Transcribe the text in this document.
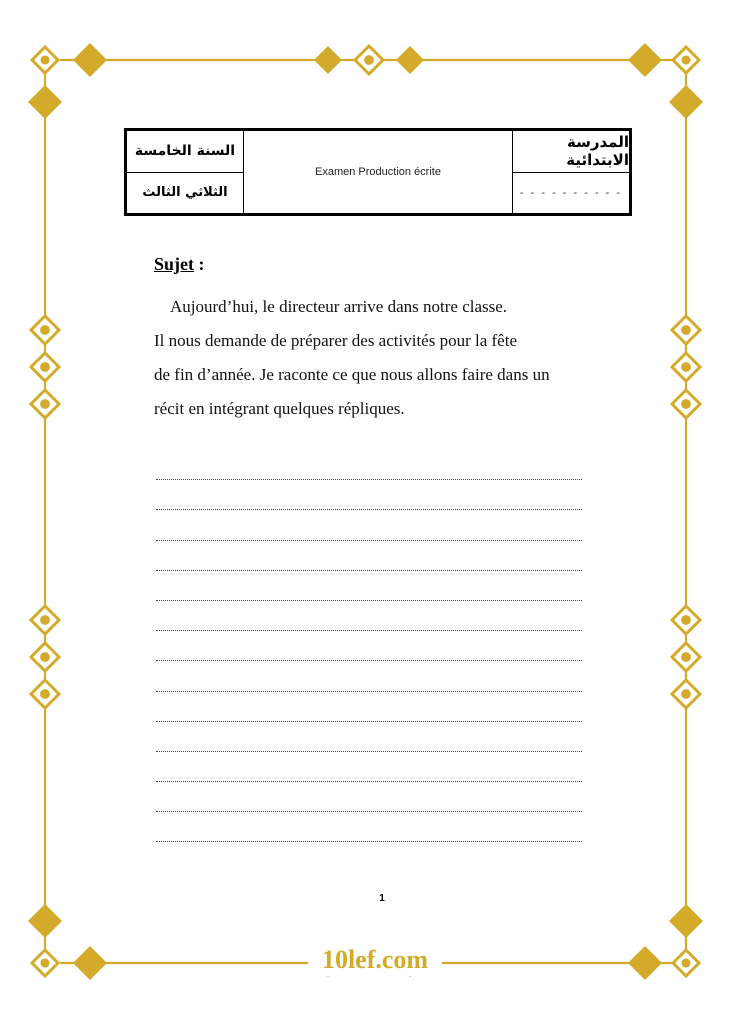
السنة الخامسة
الثلاثي الثالث
Examen Production écrite
المدرسة الابتدائية
- - - - - - - - - -
Sujet :
Aujourd’hui, le directeur arrive dans notre classe.
Il nous demande de préparer des activités pour la fête
de fin d’année. Je raconte ce que nous allons faire dans un
récit en intégrant quelques répliques.
1
10lef.com
